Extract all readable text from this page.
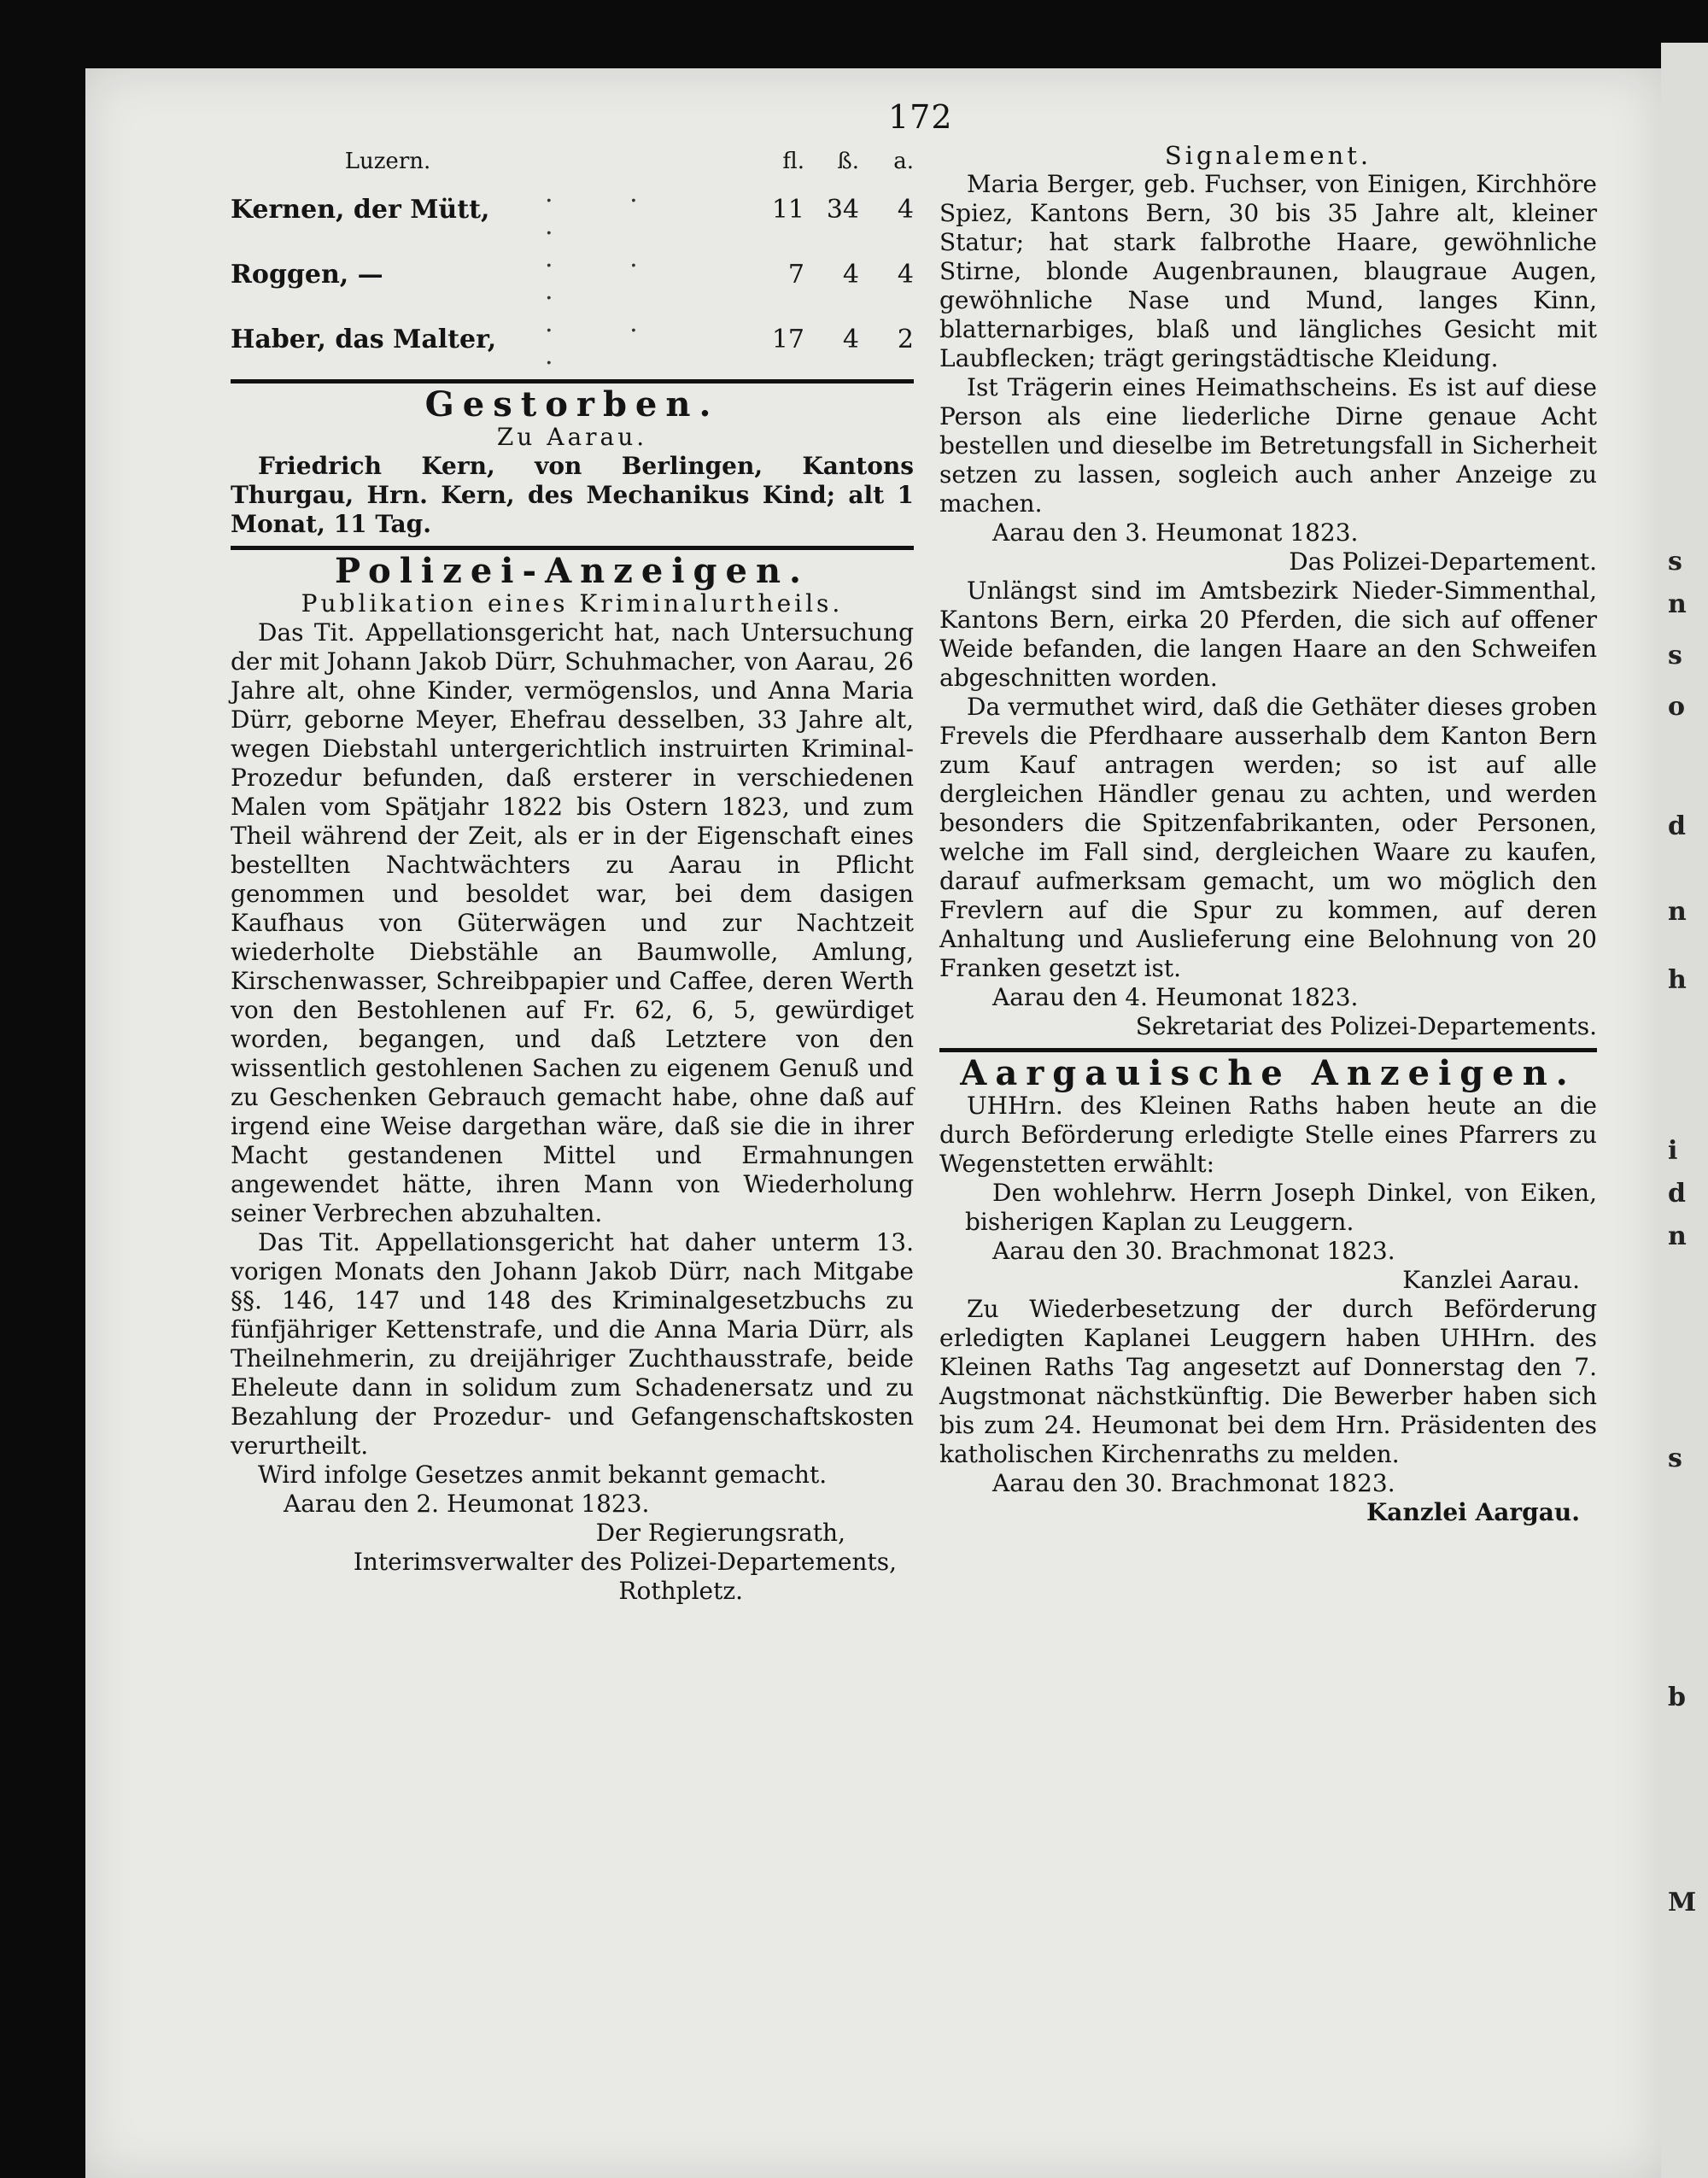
s
n
s
o
d
n
h
i
d
n
s
b
M
172
Luzern.		fl.	ß.	a.
Kernen, der Mütt,	. . .	11	34	4
Roggen, —	. . .	7	4	4
Haber, das Malter,	. . .	17	4	2
Gestorben.

Zu Aarau.

Friedrich Kern, von Berlingen, Kantons Thurgau, Hrn. Kern, des Mechanikus Kind; alt 1 Monat, 11 Tag.

Polizei-Anzeigen.

Publikation eines Kriminalurtheils.

Das Tit. Appellationsgericht hat, nach Untersuchung der mit Johann Jakob Dürr, Schuhmacher, von Aarau, 26 Jahre alt, ohne Kinder, vermögenslos, und Anna Maria Dürr, geborne Meyer, Ehefrau desselben, 33 Jahre alt, wegen Diebstahl untergerichtlich instruirten Kriminal-Prozedur befunden, daß ersterer in verschiedenen Malen vom Spätjahr 1822 bis Ostern 1823, und zum Theil während der Zeit, als er in der Eigenschaft eines bestellten Nachtwächters zu Aarau in Pflicht genommen und besoldet war, bei dem dasigen Kaufhaus von Güterwägen und zur Nachtzeit wiederholte Diebstähle an Baumwolle, Amlung, Kirschenwasser, Schreibpapier und Caffee, deren Werth von den Bestohlenen auf Fr. 62, 6, 5, gewürdiget worden, begangen, und daß Letztere von den wissentlich gestohlenen Sachen zu eigenem Genuß und zu Geschenken Gebrauch gemacht habe, ohne daß auf irgend eine Weise dargethan wäre, daß sie die in ihrer Macht gestandenen Mittel und Ermahnungen angewendet hätte, ihren Mann von Wiederholung seiner Verbrechen abzuhalten.

Das Tit. Appellationsgericht hat daher unterm 13. vorigen Monats den Johann Jakob Dürr, nach Mitgabe §§. 146, 147 und 148 des Kriminalgesetzbuchs zu fünfjähriger Kettenstrafe, und die Anna Maria Dürr, als Theilnehmerin, zu dreijähriger Zuchthausstrafe, beide Eheleute dann in solidum zum Schadenersatz und zu Bezahlung der Prozedur- und Gefangenschaftskosten verurtheilt.

Wird infolge Gesetzes anmit bekannt gemacht.

Aarau den 2. Heumonat 1823.

Der Regierungsrath,

Interimsverwalter des Polizei-Departements,

Rothpletz.

Signalement.

Maria Berger, geb. Fuchser, von Einigen, Kirchhöre Spiez, Kantons Bern, 30 bis 35 Jahre alt, kleiner Statur; hat stark falbrothe Haare, gewöhnliche Stirne, blonde Augenbraunen, blaugraue Augen, gewöhnliche Nase und Mund, langes Kinn, blatternarbiges, blaß und längliches Gesicht mit Laubflecken; trägt geringstädtische Kleidung.

Ist Trägerin eines Heimathscheins. Es ist auf diese Person als eine liederliche Dirne genaue Acht bestellen und dieselbe im Betretungsfall in Sicherheit setzen zu lassen, sogleich auch anher Anzeige zu machen.

Aarau den 3. Heumonat 1823.

Das Polizei-Departement.

Unlängst sind im Amtsbezirk Nieder-Simmenthal, Kantons Bern, eirka 20 Pferden, die sich auf offener Weide befanden, die langen Haare an den Schweifen abgeschnitten worden.

Da vermuthet wird, daß die Gethäter dieses groben Frevels die Pferdhaare ausserhalb dem Kanton Bern zum Kauf antragen werden; so ist auf alle dergleichen Händler genau zu achten, und werden besonders die Spitzenfabrikanten, oder Personen, welche im Fall sind, dergleichen Waare zu kaufen, darauf aufmerksam gemacht, um wo möglich den Frevlern auf die Spur zu kommen, auf deren Anhaltung und Auslieferung eine Belohnung von 20 Franken gesetzt ist.

Aarau den 4. Heumonat 1823.

Sekretariat des Polizei-Departements.

Aargauische Anzeigen.

UHHrn. des Kleinen Raths haben heute an die durch Beförderung erledigte Stelle eines Pfarrers zu Wegenstetten erwählt:

Den wohlehrw. Herrn Joseph Dinkel, von Eiken, bisherigen Kaplan zu Leuggern.

Aarau den 30. Brachmonat 1823.

Kanzlei Aarau.

Zu Wiederbesetzung der durch Beförderung erledigten Kaplanei Leuggern haben UHHrn. des Kleinen Raths Tag angesetzt auf Donnerstag den 7. Augstmonat nächstkünftig. Die Bewerber haben sich bis zum 24. Heumonat bei dem Hrn. Präsidenten des katholischen Kirchenraths zu melden.

Aarau den 30. Brachmonat 1823.

Kanzlei Aargau.
